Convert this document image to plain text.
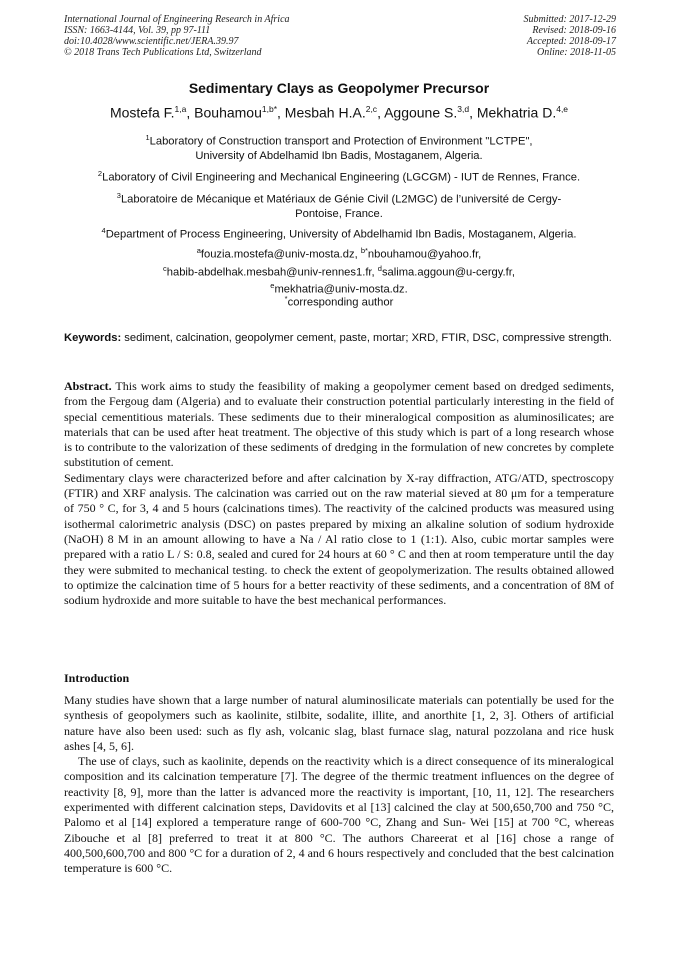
International Journal of Engineering Research in Africa
ISSN: 1663-4144, Vol. 39, pp 97-111
doi:10.4028/www.scientific.net/JERA.39.97
© 2018 Trans Tech Publications Ltd, Switzerland
Submitted: 2017-12-29
Revised: 2018-09-16
Accepted: 2018-09-17
Online: 2018-11-05
Sedimentary Clays as Geopolymer Precursor
Mostefa F.$^{1,a}$, Bouhamou$^{1,b*}$, Mesbah H.A.$^{2,c}$, Aggoune S.$^{3,d}$, Mekhatria D.$^{4,e}$
$^1$Laboratory of Construction transport and Protection of Environment "LCTPE",
University of Abdelhamid Ibn Badis, Mostaganem, Algeria.
$^2$Laboratory of Civil Engineering and Mechanical Engineering (LGCGM) - IUT de Rennes, France.
$^3$Laboratoire de Mécanique et Matériaux de Génie Civil (L2MGC) de l’université de Cergy-
Pontoise, France.
$^4$Department of Process Engineering, University of Abdelhamid Ibn Badis, Mostaganem, Algeria.
$^a$fouzia.mostefa@univ-mosta.dz, $^{b*}$nbouhamou@yahoo.fr,
$^c$habib-abdelhak.mesbah@univ-rennes1.fr, $^d$salima.aggoun@u-cergy.fr,
$^e$mekhatria@univ-mosta.dz.
*corresponding author
Keywords: sediment, calcination, geopolymer cement, paste, mortar; XRD, FTIR, DSC, compressive strength.

Abstract. This work aims to study the feasibility of making a geopolymer cement based on dredged sediments, from the Fergoug dam (Algeria) and to evaluate their construction potential particularly interesting in the field of special cementitious materials. These sediments due to their mineralogical composition as aluminosilicates; are materials that can be used after heat treatment. The objective of this study which is part of a long research whose is to contribute to the valorization of these sediments of dredging in the formulation of new concretes by complete substitution of cement.

Sedimentary clays were characterized before and after calcination by X-ray diffraction, ATG/ATD, spectroscopy (FTIR) and XRF analysis. The calcination was carried out on the raw material sieved at 80 μm for a temperature of 750 ° C, for 3, 4 and 5 hours (calcinations times). The reactivity of the calcined products was measured using isothermal calorimetric analysis (DSC) on pastes prepared by mixing an alkaline solution of sodium hydroxide (NaOH) 8 M in an amount allowing to have a Na / Al ratio close to 1 (1:1). Also, cubic mortar samples were prepared with a ratio L / S: 0.8, sealed and cured for 24 hours at 60 ° C and then at room temperature until the day they were submited to mechanical testing. to check the extent of geopolymerization. The results obtained allowed to optimize the calcination time of 5 hours for a better reactivity of these sediments, and a concentration of 8M of sodium hydroxide and more suitable to have the best mechanical performances.

Introduction

Many studies have shown that a large number of natural aluminosilicate materials can potentially be used for the synthesis of geopolymers such as kaolinite, stilbite, sodalite, illite, and anorthite [1, 2, 3]. Others of artificial nature have also been used: such as fly ash, volcanic slag, blast furnace slag, natural pozzolana and rice husk ashes [4, 5, 6].

The use of clays, such as kaolinite, depends on the reactivity which is a direct consequence of its mineralogical composition and its calcination temperature [7]. The degree of the thermic treatment influences on the degree of reactivity [8, 9], more than the latter is advanced more the reactivity is important, [10, 11, 12]. The researchers experimented with different calcination steps, Davidovits et al [13] calcined the clay at 500,650,700 and 750 °C, Palomo et al [14] explored a temperature range of 600-700 °C, Zhang and Sun- Wei [15] at 700 °C, whereas Zibouche et al [8] preferred to treat it at 800 °C. The authors Chareerat et al [16] chose a range of 400,500,600,700 and 800 °C for a duration of 2, 4 and 6 hours respectively and concluded that the best calcination temperature is 600 °C.
